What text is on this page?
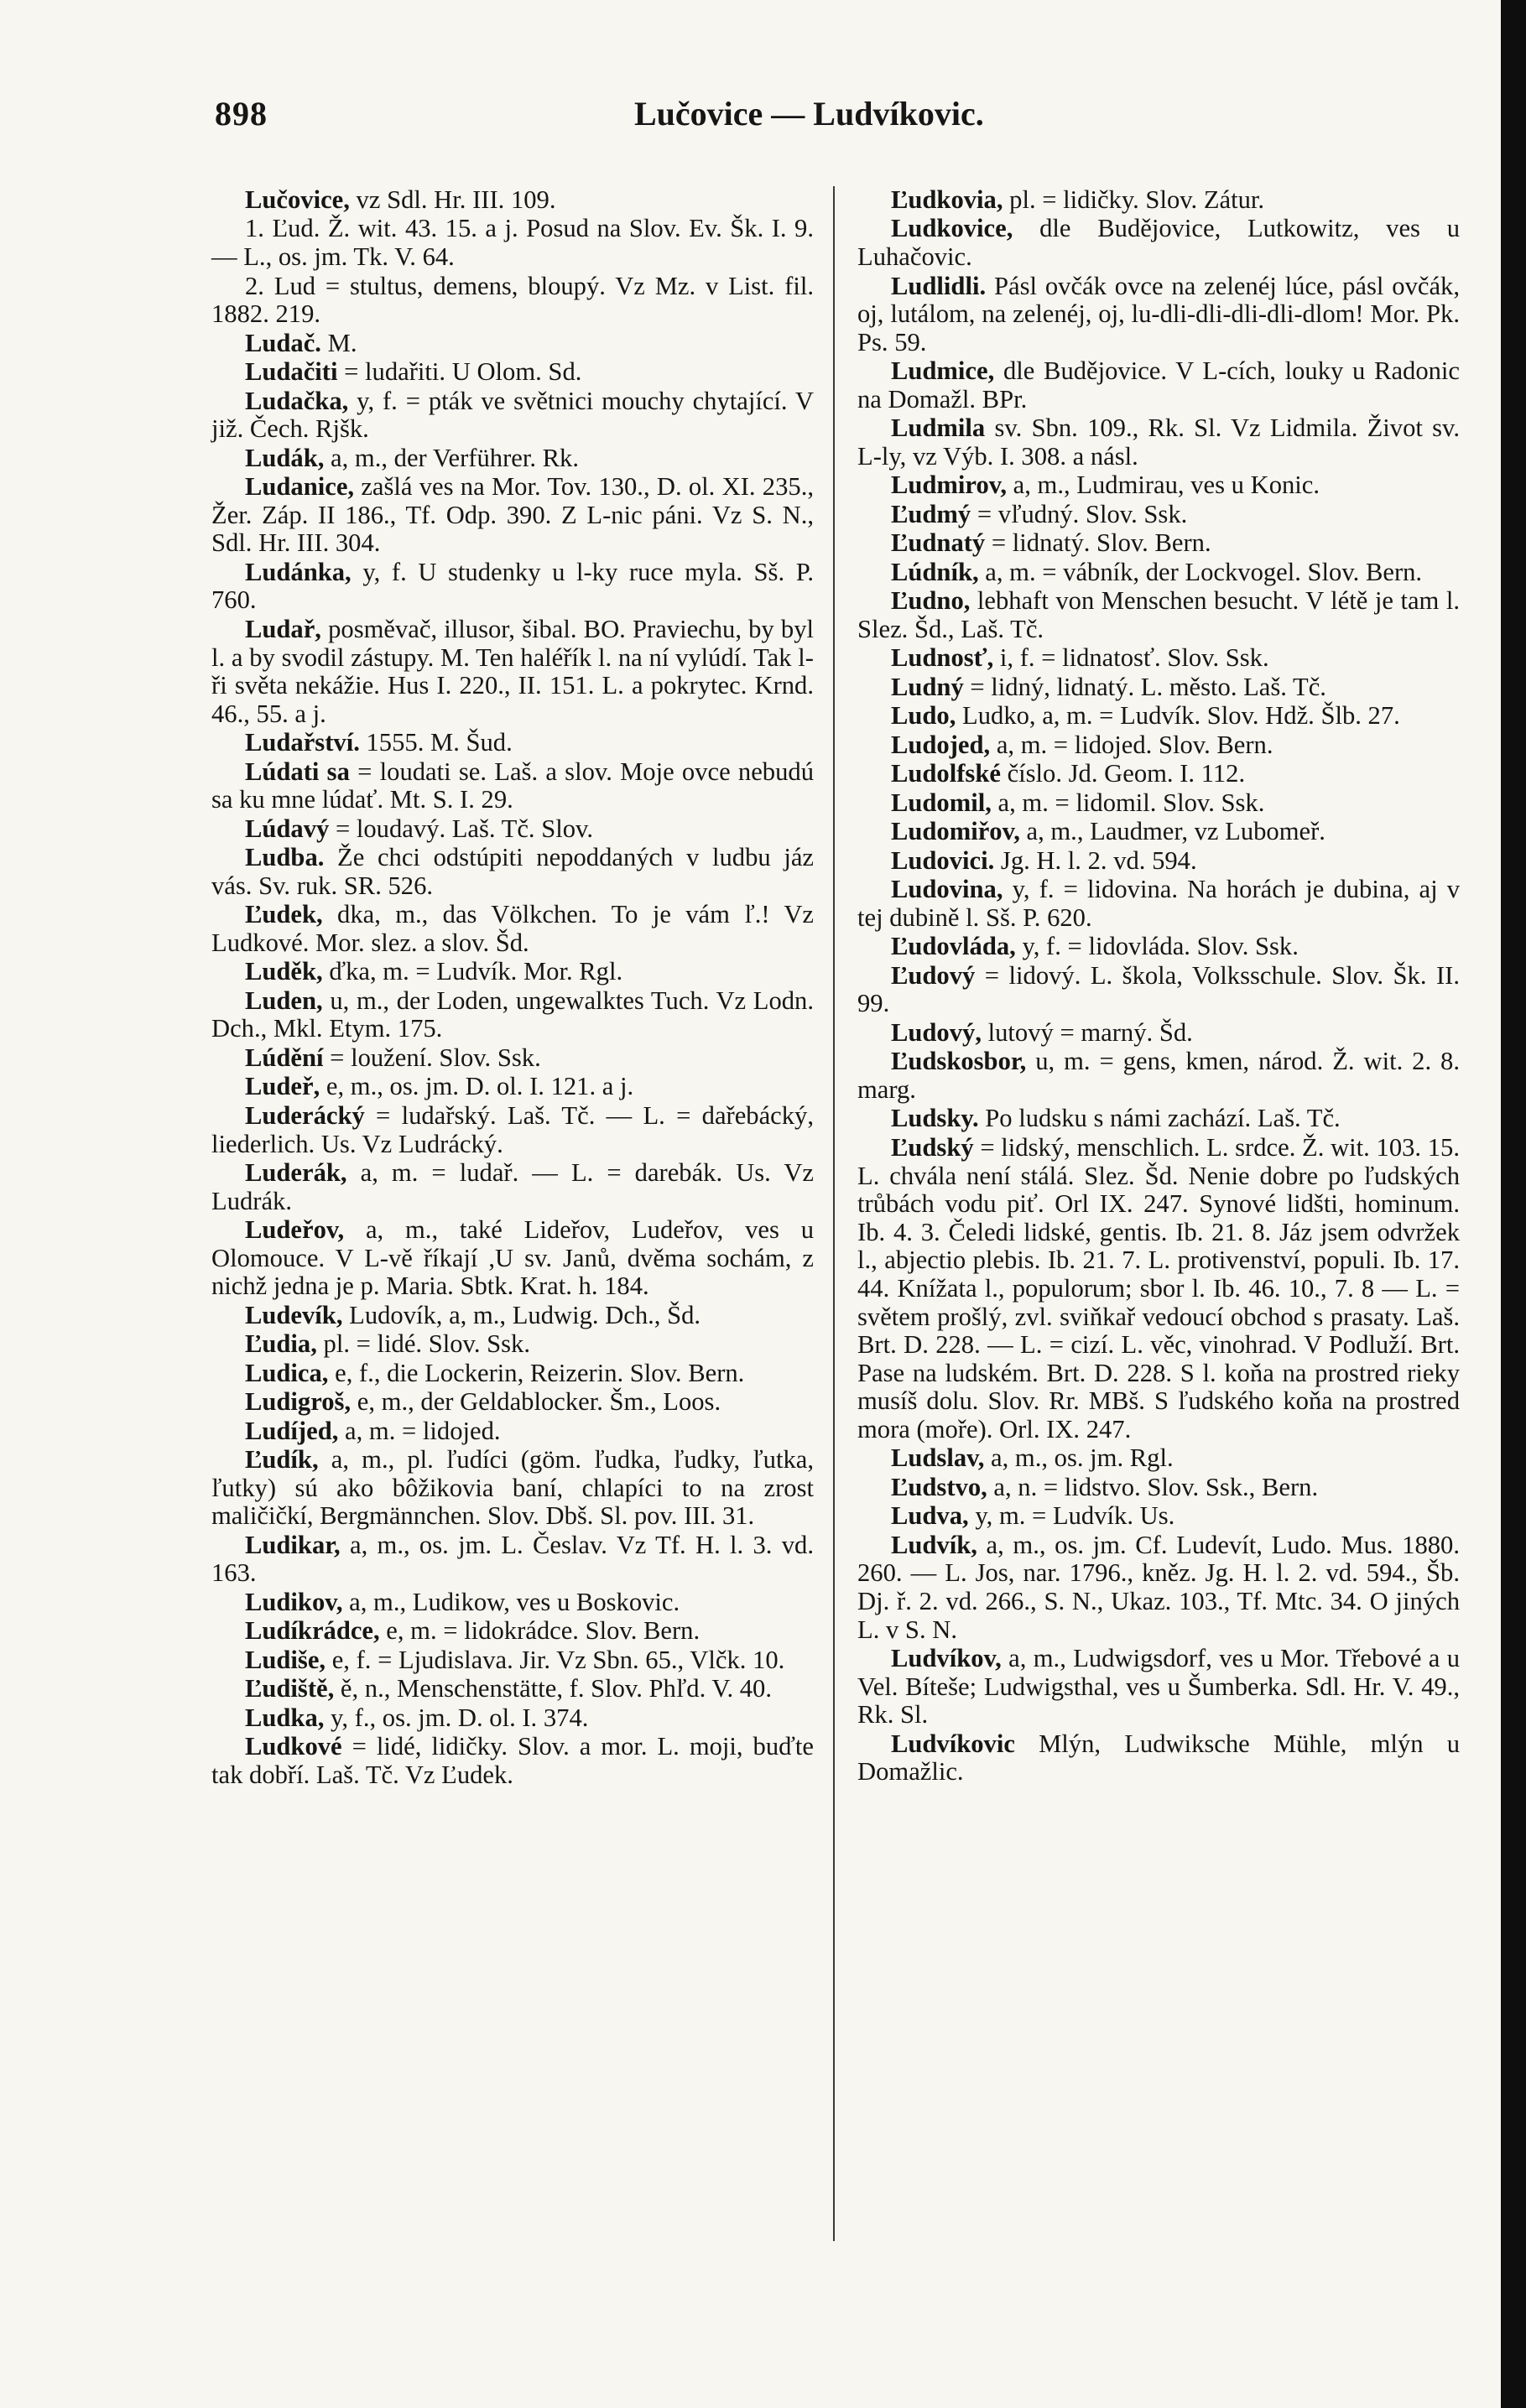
898	Lučovice — Ludvíkovic.

Lučovice, vz Sdl. Hr. III. 109.

1. Ľud. Ž. wit. 43. 15. a j. Posud na Slov. Ev. Šk. I. 9. — L., os. jm. Tk. V. 64.

2. Lud = stultus, demens, bloupý. Vz Mz. v List. fil. 1882. 219.

Ludač. M.

Ludačiti = ludařiti. U Olom. Sd.

Ludačka, y, f. = pták ve světnici mouchy chytající. V již. Čech. Rjšk.

Ludák, a, m., der Verführer. Rk.

Ludanice, zašlá ves na Mor. Tov. 130., D. ol. XI. 235., Žer. Záp. II 186., Tf. Odp. 390. Z L-nic páni. Vz S. N., Sdl. Hr. III. 304.

Ludánka, y, f. U studenky u l-ky ruce myla. Sš. P. 760.

Ludař, posměvač, illusor, šibal. BO. Praviechu, by byl l. a by svodil zástupy. M. Ten haléřík l. na ní vylúdí. Tak l-ři světa nekážie. Hus I. 220., II. 151. L. a pokrytec. Krnd. 46., 55. a j.

Ludařství. 1555. M. Šud.

Lúdati sa = loudati se. Laš. a slov. Moje ovce nebudú sa ku mne lúdať. Mt. S. I. 29.

Lúdavý = loudavý. Laš. Tč. Slov.

Ludba. Že chci odstúpiti nepoddaných v ludbu jáz vás. Sv. ruk. SR. 526.

Ľudek, dka, m., das Völkchen. To je vám ľ.! Vz Ludkové. Mor. slez. a slov. Šd.

Luděk, ďka, m. = Ludvík. Mor. Rgl.

Luden, u, m., der Loden, ungewalktes Tuch. Vz Lodn. Dch., Mkl. Etym. 175.

Lúdění = loužení. Slov. Ssk.

Ludeř, e, m., os. jm. D. ol. I. 121. a j.

Luderácký = ludařský. Laš. Tč. — L. = dařebácký, liederlich. Us. Vz Ludrácký.

Luderák, a, m. = ludař. — L. = darebák. Us. Vz Ludrák.

Ludeřov, a, m., také Lideřov, Ludeřov, ves u Olomouce. V L-vě říkají ,U sv. Janů, dvěma sochám, z nichž jedna je p. Maria. Sbtk. Krat. h. 184.

Ludevík, Ludovík, a, m., Ludwig. Dch., Šd.

Ľudia, pl. = lidé. Slov. Ssk.

Ludica, e, f., die Lockerin, Reizerin. Slov. Bern.

Ludigroš, e, m., der Geldablocker. Šm., Loos.

Ludíjed, a, m. = lidojed.

Ľudík, a, m., pl. ľudíci (göm. ľudka, ľudky, ľutka, ľutky) sú ako bôžikovia baní, chlapíci to na zrost maličičkí, Bergmännchen. Slov. Dbš. Sl. pov. III. 31.

Ludikar, a, m., os. jm. L. Česlav. Vz Tf. H. l. 3. vd. 163.

Ludikov, a, m., Ludikow, ves u Boskovic.

Ludíkrádce, e, m. = lidokrádce. Slov. Bern.

Ludiše, e, f. = Ljudislava. Jir. Vz Sbn. 65., Vlčk. 10.

Ľudiště, ě, n., Menschenstätte, f. Slov. Phľd. V. 40.

Ludka, y, f., os. jm. D. ol. I. 374.

Ludkové = lidé, lidičky. Slov. a mor. L. moji, buďte tak dobří. Laš. Tč. Vz Ľudek.

Ľudkovia, pl. = lidičky. Slov. Zátur.

Ludkovice, dle Budějovice, Lutkowitz, ves u Luhačovic.

Ludlidli. Pásl ovčák ovce na zelenéj lúce, pásl ovčák, oj, lutálom, na zelenéj, oj, lu-dli-dli-dli-dli-dlom! Mor. Pk. Ps. 59.

Ludmice, dle Budějovice. V L-cích, louky u Radonic na Domažl. BPr.

Ludmila sv. Sbn. 109., Rk. Sl. Vz Lidmila. Život sv. L-ly, vz Výb. I. 308. a násl.

Ludmirov, a, m., Ludmirau, ves u Konic.

Ľudmý = vľudný. Slov. Ssk.

Ľudnatý = lidnatý. Slov. Bern.

Lúdník, a, m. = vábník, der Lockvogel. Slov. Bern.

Ľudno, lebhaft von Menschen besucht. V létě je tam l. Slez. Šd., Laš. Tč.

Ludnosť, i, f. = lidnatosť. Slov. Ssk.

Ludný = lidný, lidnatý. L. město. Laš. Tč.

Ludo, Ludko, a, m. = Ludvík. Slov. Hdž. Šlb. 27.

Ludojed, a, m. = lidojed. Slov. Bern.

Ludolfské číslo. Jd. Geom. I. 112.

Ludomil, a, m. = lidomil. Slov. Ssk.

Ludomiřov, a, m., Laudmer, vz Lubomeř.

Ludovici. Jg. H. l. 2. vd. 594.

Ludovina, y, f. = lidovina. Na horách je dubina, aj v tej dubině l. Sš. P. 620.

Ľudovláda, y, f. = lidovláda. Slov. Ssk.

Ľudový = lidový. L. škola, Volksschule. Slov. Šk. II. 99.

Ludový, lutový = marný. Šd.

Ľudskosbor, u, m. = gens, kmen, národ. Ž. wit. 2. 8. marg.

Ludsky. Po ludsku s námi zachází. Laš. Tč.

Ľudský = lidský, menschlich. L. srdce. Ž. wit. 103. 15. L. chvála není stálá. Slez. Šd. Nenie dobre po ľudských trůbách vodu piť. Orl IX. 247. Synové lidšti, hominum. Ib. 4. 3. Čeledi lidské, gentis. Ib. 21. 8. Jáz jsem odvržek l., abjectio plebis. Ib. 21. 7. L. protivenství, populi. Ib. 17. 44. Knížata l., populorum; sbor l. Ib. 46. 10., 7. 8 — L. = světem prošlý, zvl. sviňkař vedoucí obchod s prasaty. Laš. Brt. D. 228. — L. = cizí. L. věc, vinohrad. V Podluží. Brt. Pase na ludském. Brt. D. 228. S l. koňa na prostred rieky musíš dolu. Slov. Rr. MBš. S ľudského koňa na prostred mora (moře). Orl. IX. 247.

Ludslav, a, m., os. jm. Rgl.

Ľudstvo, a, n. = lidstvo. Slov. Ssk., Bern.

Ludva, y, m. = Ludvík. Us.

Ludvík, a, m., os. jm. Cf. Ludevít, Ludo. Mus. 1880. 260. — L. Jos, nar. 1796., kněz. Jg. H. l. 2. vd. 594., Šb. Dj. ř. 2. vd. 266., S. N., Ukaz. 103., Tf. Mtc. 34. O jiných L. v S. N.

Ludvíkov, a, m., Ludwigsdorf, ves u Mor. Třebové a u Vel. Bíteše; Ludwigsthal, ves u Šumberka. Sdl. Hr. V. 49., Rk. Sl.

Ludvíkovic Mlýn, Ludwiksche Mühle, mlýn u Domažlic.
